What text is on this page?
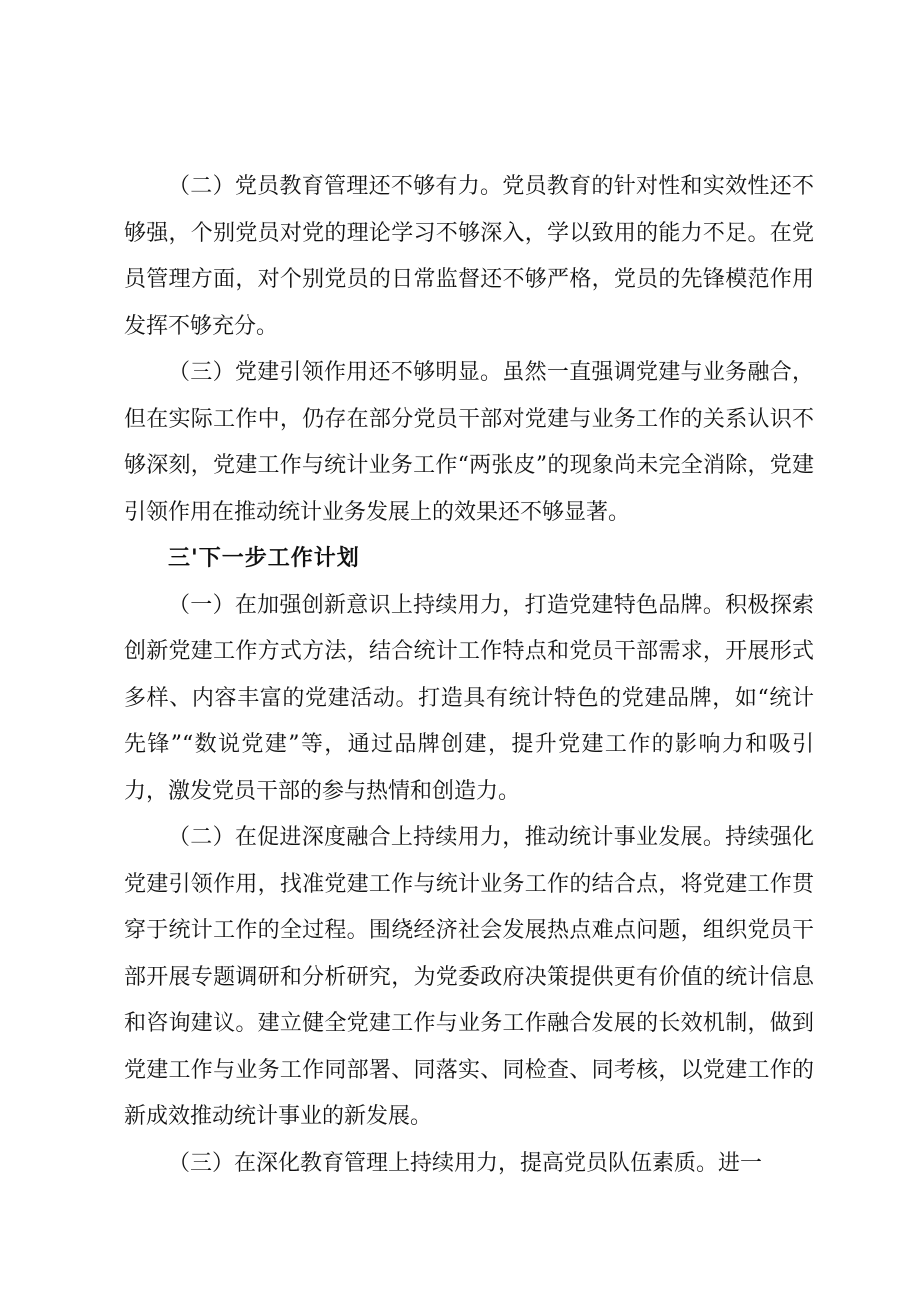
（二）党员教育管理还不够有力。党员教育的针对性和实效性还不够强，个别党员对党的理论学习不够深入，学以致用的能力不足。在党员管理方面，对个别党员的日常监督还不够严格，党员的先锋模范作用发挥不够充分。

（三）党建引领作用还不够明显。虽然一直强调党建与业务融合，但在实际工作中，仍存在部分党员干部对党建与业务工作的关系认识不够深刻，党建工作与统计业务工作“两张皮”的现象尚未完全消除，党建引领作用在推动统计业务发展上的效果还不够显著。

三'下一步工作计划

（一）在加强创新意识上持续用力，打造党建特色品牌。积极探索创新党建工作方式方法，结合统计工作特点和党员干部需求，开展形式多样、内容丰富的党建活动。打造具有统计特色的党建品牌，如“统计先锋”“数说党建”等，通过品牌创建，提升党建工作的影响力和吸引力，激发党员干部的参与热情和创造力。

（二）在促进深度融合上持续用力，推动统计事业发展。持续强化党建引领作用，找准党建工作与统计业务工作的结合点，将党建工作贯穿于统计工作的全过程。围绕经济社会发展热点难点问题，组织党员干部开展专题调研和分析研究，为党委政府决策提供更有价值的统计信息和咨询建议。建立健全党建工作与业务工作融合发展的长效机制，做到党建工作与业务工作同部署、同落实、同检查、同考核，以党建工作的新成效推动统计事业的新发展。

（三）在深化教育管理上持续用力，提高党员队伍素质。进一
